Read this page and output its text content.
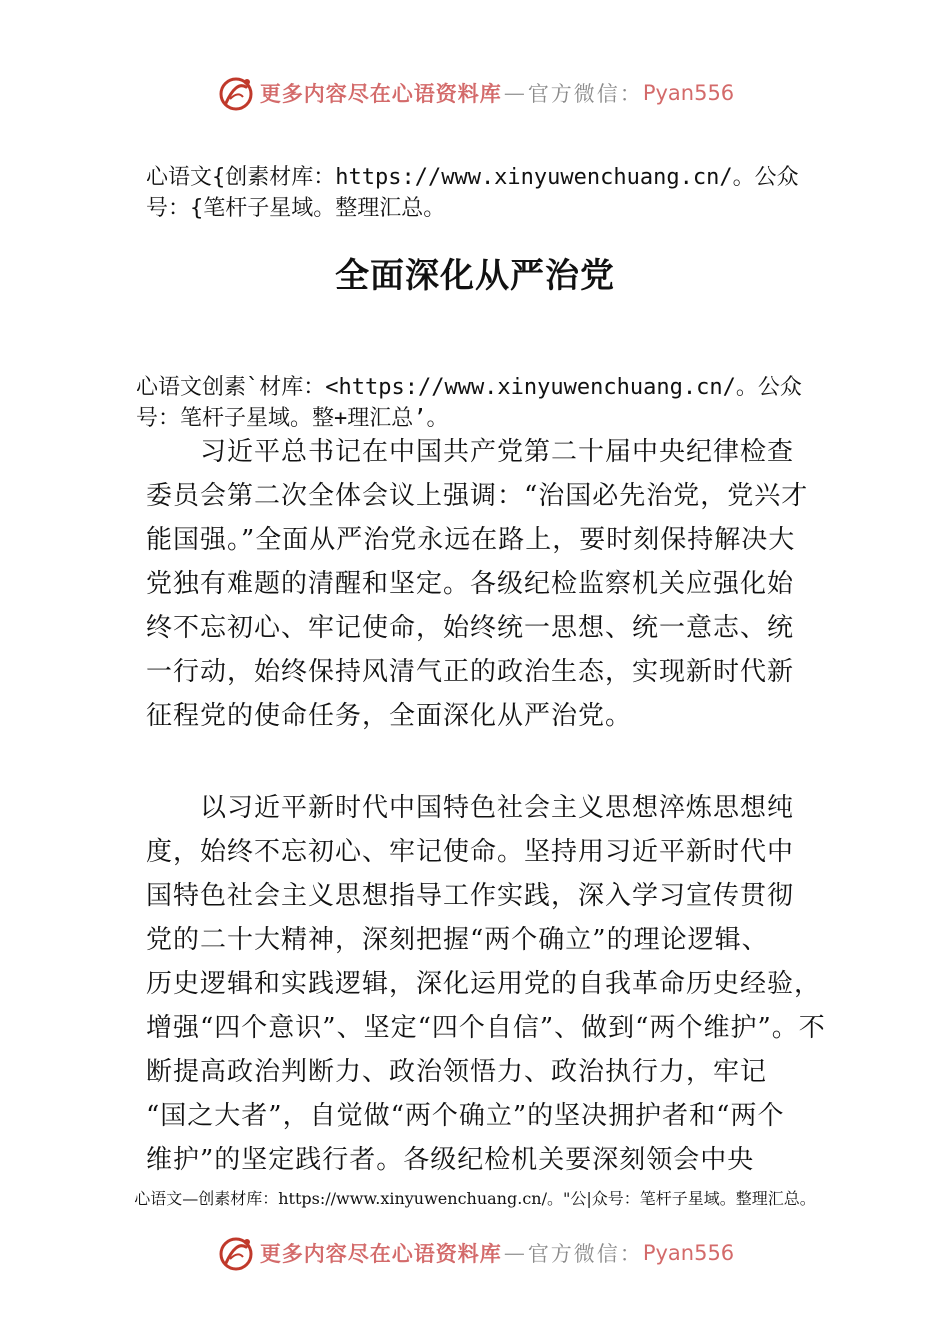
更多内容尽在心语资料库 — 官方微信： Pyan556
心语文{创素材库：https://www.xinyuwenchuang.cn/。公众
号：{笔杆子星域。整理汇总。
全面深化从严治党
心语文创素`材库：<https://www.xinyuwenchuang.cn/。公众
号：笔杆子星域。整+理汇总’。
习近平总书记在中国共产党第二十届中央纪律检查
委员会第二次全体会议上强调：“治国必先治党，党兴才
能国强。”全面从严治党永远在路上，要时刻保持解决大
党独有难题的清醒和坚定。各级纪检监察机关应强化始
终不忘初心、牢记使命，始终统一思想、统一意志、统
一行动，始终保持风清气正的政治生态，实现新时代新
征程党的使命任务，全面深化从严治党。
以习近平新时代中国特色社会主义思想淬炼思想纯
度，始终不忘初心、牢记使命。坚持用习近平新时代中
国特色社会主义思想指导工作实践，深入学习宣传贯彻
党的二十大精神，深刻把握“两个确立”的理论逻辑、
历史逻辑和实践逻辑，深化运用党的自我革命历史经验，
增强“四个意识”、坚定“四个自信”、做到“两个维护”。不
断提高政治判断力、政治领悟力、政治执行力，牢记
“国之大者”，自觉做“两个确立”的坚决拥护者和“两个
维护”的坚定践行者。各级纪检机关要深刻领会中央
心语文—创素材库：https://www.xinyuwenchuang.cn/。"公|众号：笔杆子星域。整理汇总。
更多内容尽在心语资料库 — 官方微信： Pyan556
